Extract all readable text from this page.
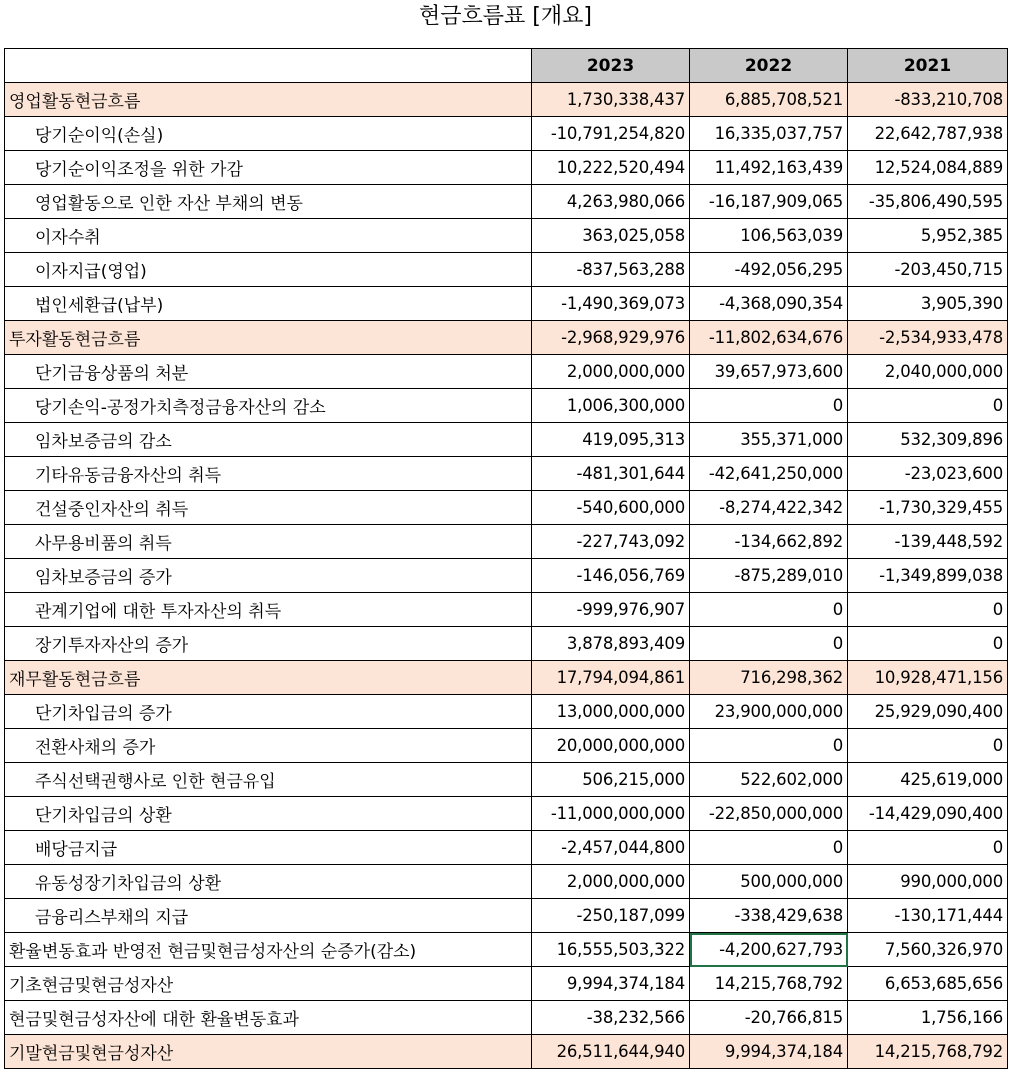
현금흐름표 [개요]
	2023	2022	2021
영업활동현금흐름	1,730,338,437	6,885,708,521	-833,210,708
당기순이익(손실)	-10,791,254,820	16,335,037,757	22,642,787,938
당기순이익조정을 위한 가감	10,222,520,494	11,492,163,439	12,524,084,889
영업활동으로 인한 자산 부채의 변동	4,263,980,066	-16,187,909,065	-35,806,490,595
이자수취	363,025,058	106,563,039	5,952,385
이자지급(영업)	-837,563,288	-492,056,295	-203,450,715
법인세환급(납부)	-1,490,369,073	-4,368,090,354	3,905,390
투자활동현금흐름	-2,968,929,976	-11,802,634,676	-2,534,933,478
단기금융상품의 처분	2,000,000,000	39,657,973,600	2,040,000,000
당기손익-공정가치측정금융자산의 감소	1,006,300,000	0	0
임차보증금의 감소	419,095,313	355,371,000	532,309,896
기타유동금융자산의 취득	-481,301,644	-42,641,250,000	-23,023,600
건설중인자산의 취득	-540,600,000	-8,274,422,342	-1,730,329,455
사무용비품의 취득	-227,743,092	-134,662,892	-139,448,592
임차보증금의 증가	-146,056,769	-875,289,010	-1,349,899,038
관계기업에 대한 투자자산의 취득	-999,976,907	0	0
장기투자자산의 증가	3,878,893,409	0	0
재무활동현금흐름	17,794,094,861	716,298,362	10,928,471,156
단기차입금의 증가	13,000,000,000	23,900,000,000	25,929,090,400
전환사채의 증가	20,000,000,000	0	0
주식선택권행사로 인한 현금유입	506,215,000	522,602,000	425,619,000
단기차입금의 상환	-11,000,000,000	-22,850,000,000	-14,429,090,400
배당금지급	-2,457,044,800	0	0
유동성장기차입금의 상환	2,000,000,000	500,000,000	990,000,000
금융리스부채의 지급	-250,187,099	-338,429,638	-130,171,444
환율변동효과 반영전 현금및현금성자산의 순증가(감소)	16,555,503,322	-4,200,627,793	7,560,326,970
기초현금및현금성자산	9,994,374,184	14,215,768,792	6,653,685,656
현금및현금성자산에 대한 환율변동효과	-38,232,566	-20,766,815	1,756,166
기말현금및현금성자산	26,511,644,940	9,994,374,184	14,215,768,792
